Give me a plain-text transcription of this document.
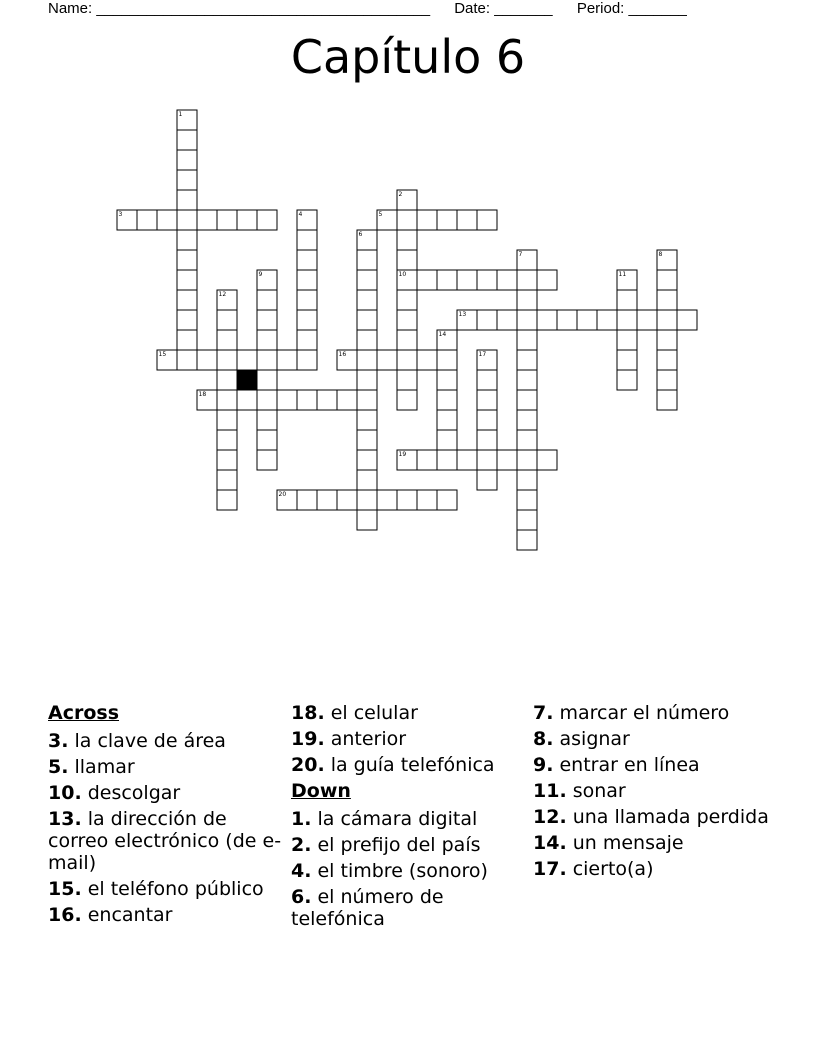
Name: ________________________________________ Date: _______ Period: _______
Capítulo 6
1
2
3	4	5
6
7	8
9	10	11
12
13
14
15	16	17
18
19
20
Across
3. la clave de área
5. llamar
10. descolgar
13. la dirección de correo electrónico (de e-mail)
15. el teléfono público
16. encantar
18. el celular
19. anterior
20. la guía telefónica
Down
1. la cámara digital
2. el prefijo del país
4. el timbre (sonoro)
6. el número de telefónica
7. marcar el número
8. asignar
9. entrar en línea
11. sonar
12. una llamada perdida
14. un mensaje
17. cierto(a)
